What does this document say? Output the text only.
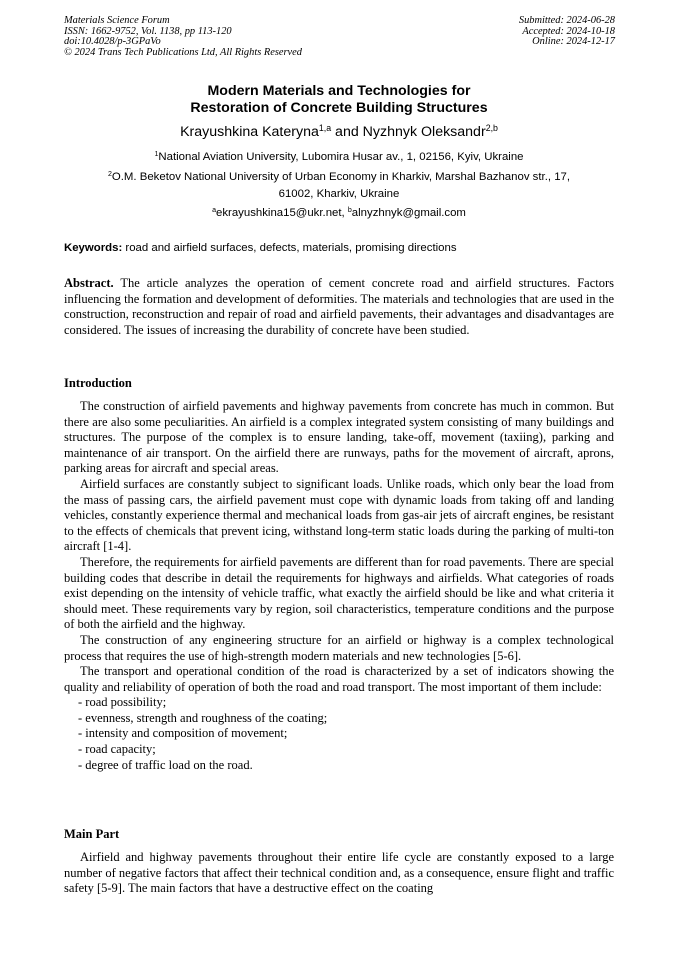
Materials Science Forum
ISSN: 1662-9752, Vol. 1138, pp 113-120
doi:10.4028/p-3GPaVo
© 2024 Trans Tech Publications Ltd, All Rights Reserved
Submitted: 2024-06-28
Accepted: 2024-10-18
Online: 2024-12-17
Modern Materials and Technologies for
Restoration of Concrete Building Structures
Krayushkina Kateryna$^{1,a}$ and Nyzhnyk Oleksandr$^{2,b}$
$^1$National Aviation University, Lubomira Husar av., 1, 02156, Kyiv, Ukraine
$^2$O.M. Beketov National University of Urban Economy in Kharkiv, Marshal Bazhanov str., 17,
61002, Kharkiv, Ukraine
$^a$ekrayushkina15@ukr.net, $^b$alnyzhnyk@gmail.com
Keywords: road and airfield surfaces, defects, materials, promising directions

Abstract. The article analyzes the operation of cement concrete road and airfield structures. Factors influencing the formation and development of deformities. The materials and technologies that are used in the construction, reconstruction and repair of road and airfield pavements, their advantages and disadvantages are considered. The issues of increasing the durability of concrete have been studied.

Introduction

The construction of airfield pavements and highway pavements from concrete has much in common. But there are also some peculiarities. An airfield is a complex integrated system consisting of many buildings and structures. The purpose of the complex is to ensure landing, take-off, movement (taxiing), parking and maintenance of air transport. On the airfield there are runways, paths for the movement of aircraft, aprons, parking areas for aircraft and special areas.

Airfield surfaces are constantly subject to significant loads. Unlike roads, which only bear the load from the mass of passing cars, the airfield pavement must cope with dynamic loads from taking off and landing vehicles, constantly experience thermal and mechanical loads from gas-air jets of aircraft engines, be resistant to the effects of chemicals that prevent icing, withstand long-term static loads during the parking of multi-ton aircraft [1-4].

Therefore, the requirements for airfield pavements are different than for road pavements. There are special building codes that describe in detail the requirements for highways and airfields. What categories of roads exist depending on the intensity of vehicle traffic, what exactly the airfield should be like and what criteria it should meet. These requirements vary by region, soil characteristics, temperature conditions and the purpose of both the airfield and the highway.

The construction of any engineering structure for an airfield or highway is a complex technological process that requires the use of high-strength modern materials and new technologies [5-6].

The transport and operational condition of the road is characterized by a set of indicators showing the quality and reliability of operation of both the road and road transport. The most important of them include:

- road possibility;

- evenness, strength and roughness of the coating;

- intensity and composition of movement;

- road capacity;

- degree of traffic load on the road.

Main Part

Airfield and highway pavements throughout their entire life cycle are constantly exposed to a large number of negative factors that affect their technical condition and, as a consequence, ensure flight and traffic safety [5-9]. The main factors that have a destructive effect on the coating
